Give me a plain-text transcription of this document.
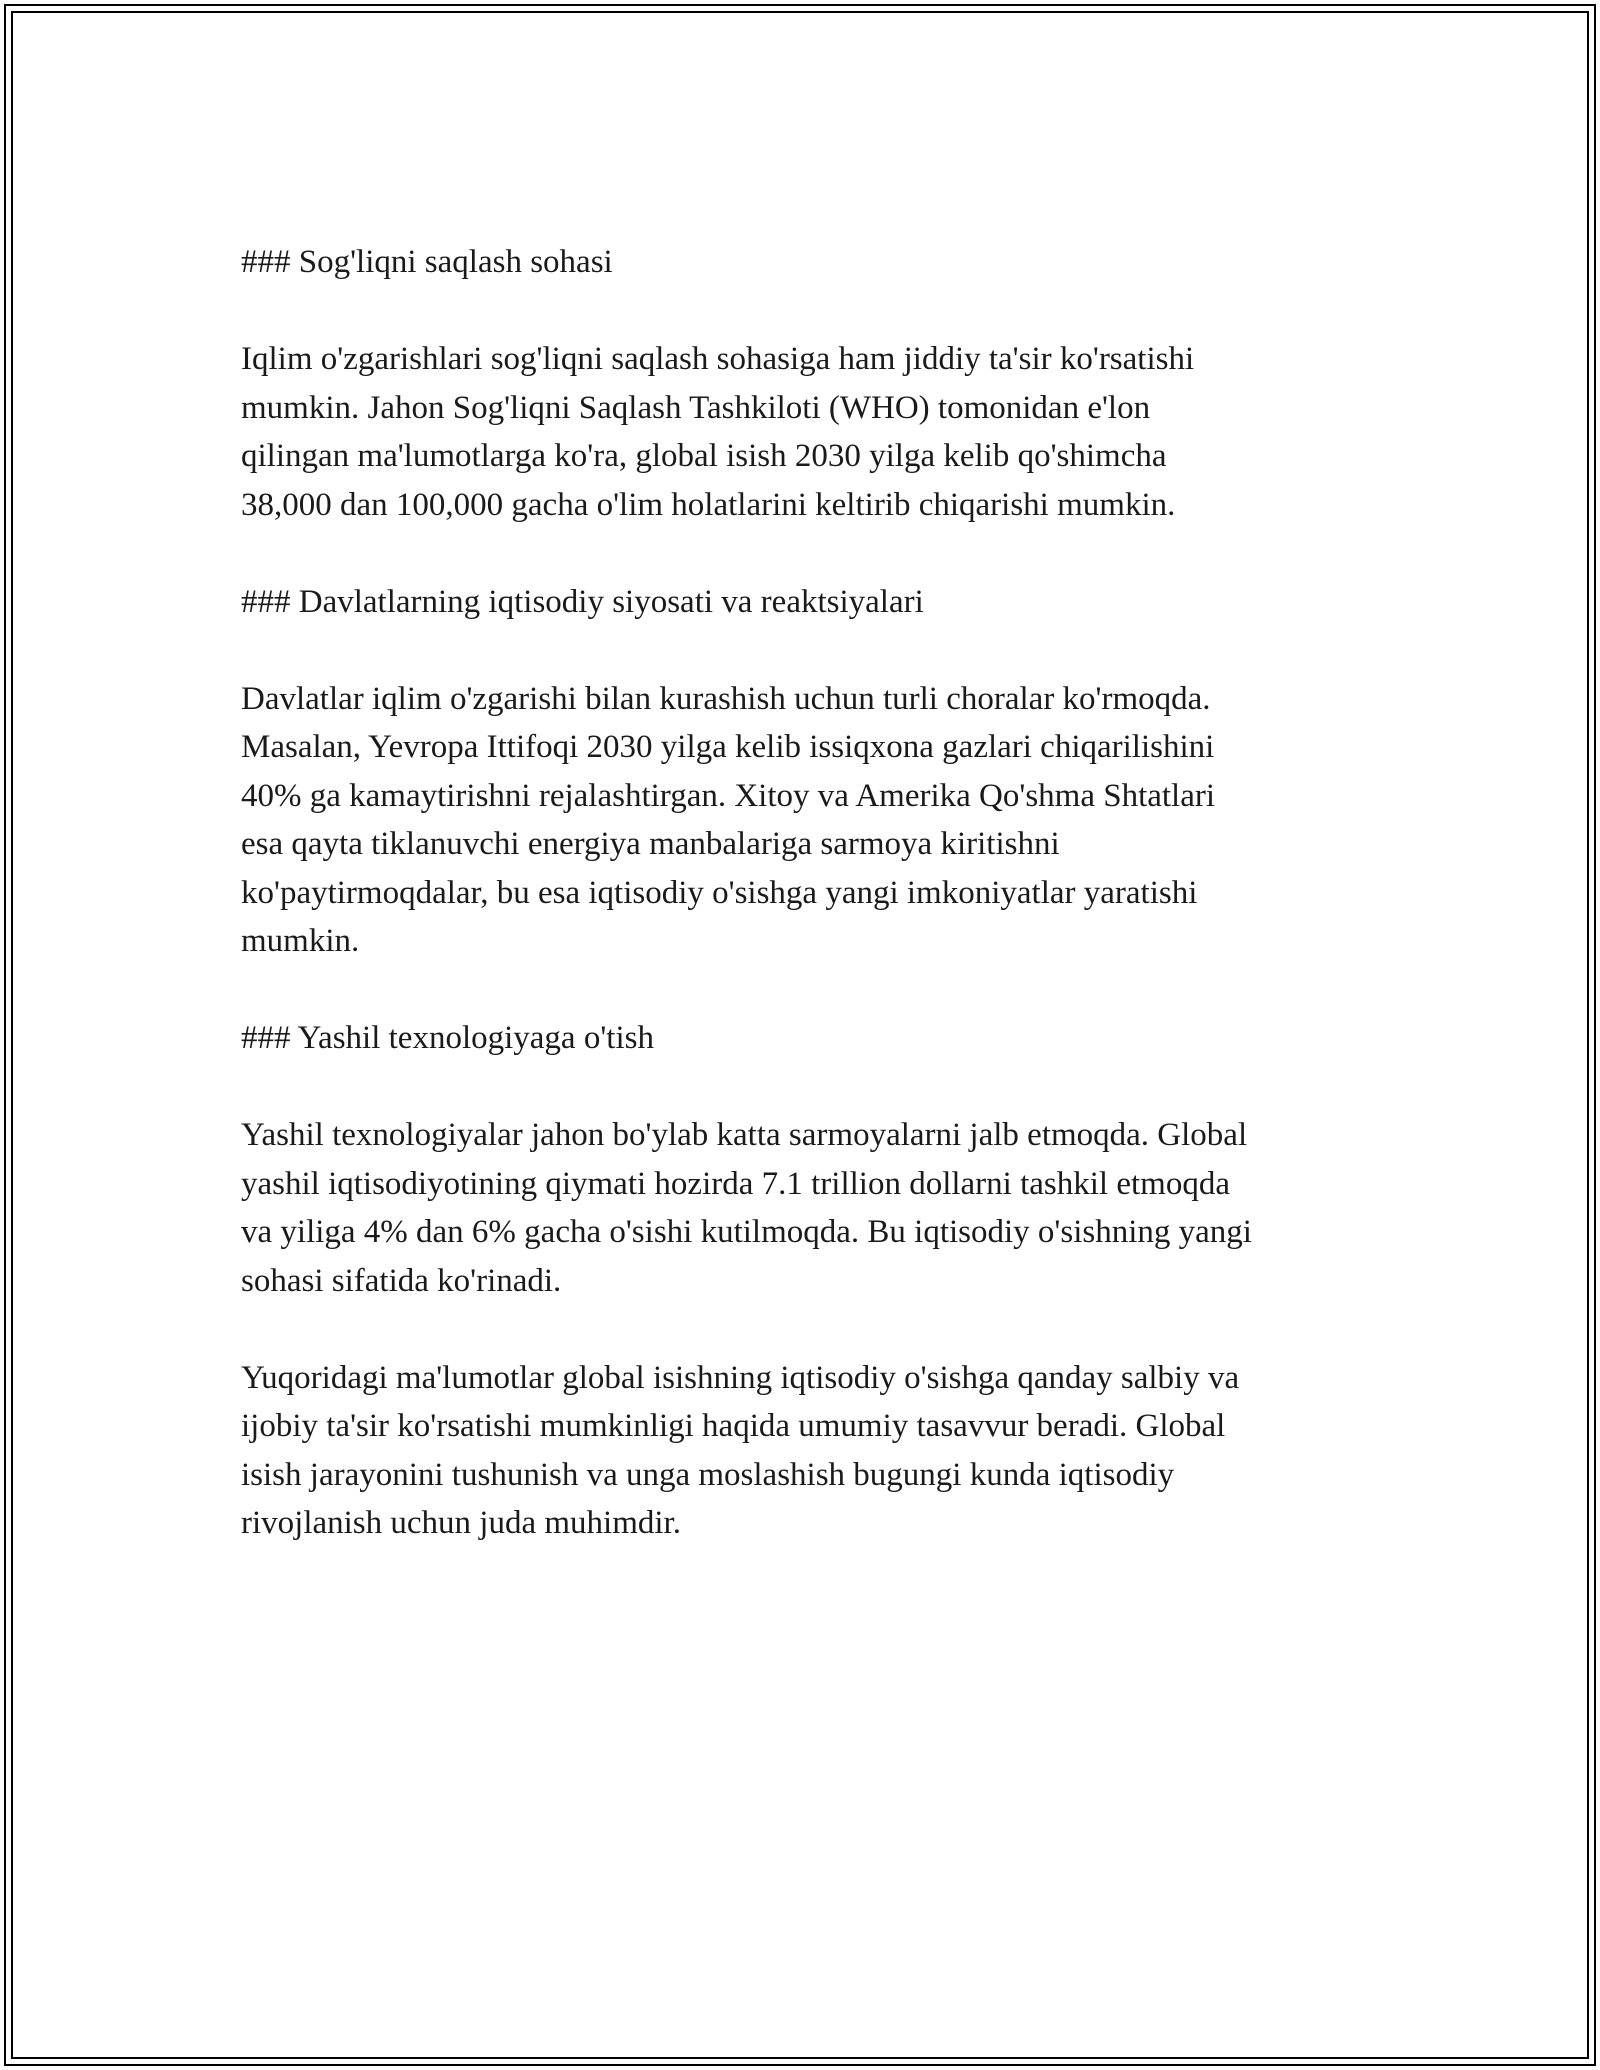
### Sog'liqni saqlash sohasi
Iqlim o'zgarishlari sog'liqni saqlash sohasiga ham jiddiy ta'sir ko'rsatishi
mumkin. Jahon Sog'liqni Saqlash Tashkiloti (WHO) tomonidan e'lon
qilingan ma'lumotlarga ko'ra, global isish 2030 yilga kelib qo'shimcha
38,000 dan 100,000 gacha o'lim holatlarini keltirib chiqarishi mumkin.
### Davlatlarning iqtisodiy siyosati va reaktsiyalari
Davlatlar iqlim o'zgarishi bilan kurashish uchun turli choralar ko'rmoqda.
Masalan, Yevropa Ittifoqi 2030 yilga kelib issiqxona gazlari chiqarilishini
40% ga kamaytirishni rejalashtirgan. Xitoy va Amerika Qo'shma Shtatlari
esa qayta tiklanuvchi energiya manbalariga sarmoya kiritishni
ko'paytirmoqdalar, bu esa iqtisodiy o'sishga yangi imkoniyatlar yaratishi
mumkin.
### Yashil texnologiyaga o'tish
Yashil texnologiyalar jahon bo'ylab katta sarmoyalarni jalb etmoqda. Global
yashil iqtisodiyotining qiymati hozirda 7.1 trillion dollarni tashkil etmoqda
va yiliga 4% dan 6% gacha o'sishi kutilmoqda. Bu iqtisodiy o'sishning yangi
sohasi sifatida ko'rinadi.
Yuqoridagi ma'lumotlar global isishning iqtisodiy o'sishga qanday salbiy va
ijobiy ta'sir ko'rsatishi mumkinligi haqida umumiy tasavvur beradi. Global
isish jarayonini tushunish va unga moslashish bugungi kunda iqtisodiy
rivojlanish uchun juda muhimdir.
